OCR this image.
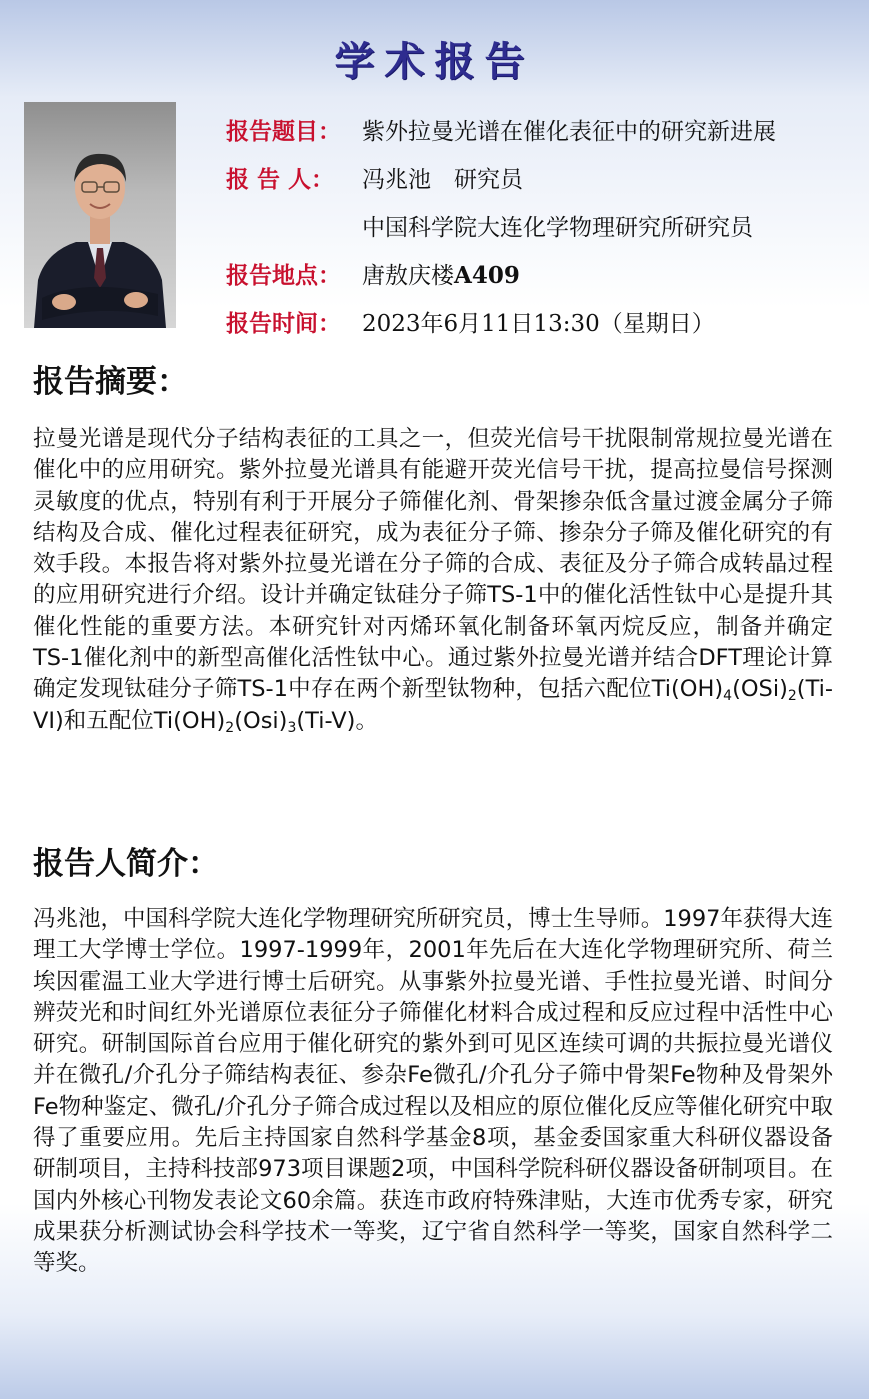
学术报告
报告题目： 紫外拉曼光谱在催化表征中的研究新进展
报 告 人： 冯兆池　研究员
中国科学院大连化学物理研究所研究员
报告地点： 唐敖庆楼A409
报告时间： 2023年6月11日13:30（星期日）
报告摘要：
拉曼光谱是现代分子结构表征的工具之一，但荧光信号干扰限制常规拉曼光谱在催化中的应用研究。紫外拉曼光谱具有能避开荧光信号干扰，提高拉曼信号探测灵敏度的优点，特别有利于开展分子筛催化剂、骨架掺杂低含量过渡金属分子筛结构及合成、催化过程表征研究，成为表征分子筛、掺杂分子筛及催化研究的有效手段。本报告将对紫外拉曼光谱在分子筛的合成、表征及分子筛合成转晶过程的应用研究进行介绍。设计并确定钛硅分子筛TS-1中的催化活性钛中心是提升其催化性能的重要方法。本研究针对丙烯环氧化制备环氧丙烷反应，制备并确定TS-1催化剂中的新型高催化活性钛中心。通过紫外拉曼光谱并结合DFT理论计算确定发现钛硅分子筛TS-1中存在两个新型钛物种，包括六配位$Ti(OH)_4(OSi)_2(Ti-VI)$和五配位$Ti(OH)_2(Osi)_3(Ti-V)$。
报告人简介：
冯兆池，中国科学院大连化学物理研究所研究员，博士生导师。1997年获得大连理工大学博士学位。1997-1999年，2001年先后在大连化学物理研究所、荷兰埃因霍温工业大学进行博士后研究。从事紫外拉曼光谱、手性拉曼光谱、时间分辨荧光和时间红外光谱原位表征分子筛催化材料合成过程和反应过程中活性中心研究。研制国际首台应用于催化研究的紫外到可见区连续可调的共振拉曼光谱仪并在微孔/介孔分子筛结构表征、参杂Fe微孔/介孔分子筛中骨架Fe物种及骨架外Fe物种鉴定、微孔/介孔分子筛合成过程以及相应的原位催化反应等催化研究中取得了重要应用。先后主持国家自然科学基金8项，基金委国家重大科研仪器设备研制项目，主持科技部973项目课题2项，中国科学院科研仪器设备研制项目。在国内外核心刊物发表论文60余篇。获连市政府特殊津贴，大连市优秀专家，研究成果获分析测试协会科学技术一等奖，辽宁省自然科学一等奖，国家自然科学二等奖。
